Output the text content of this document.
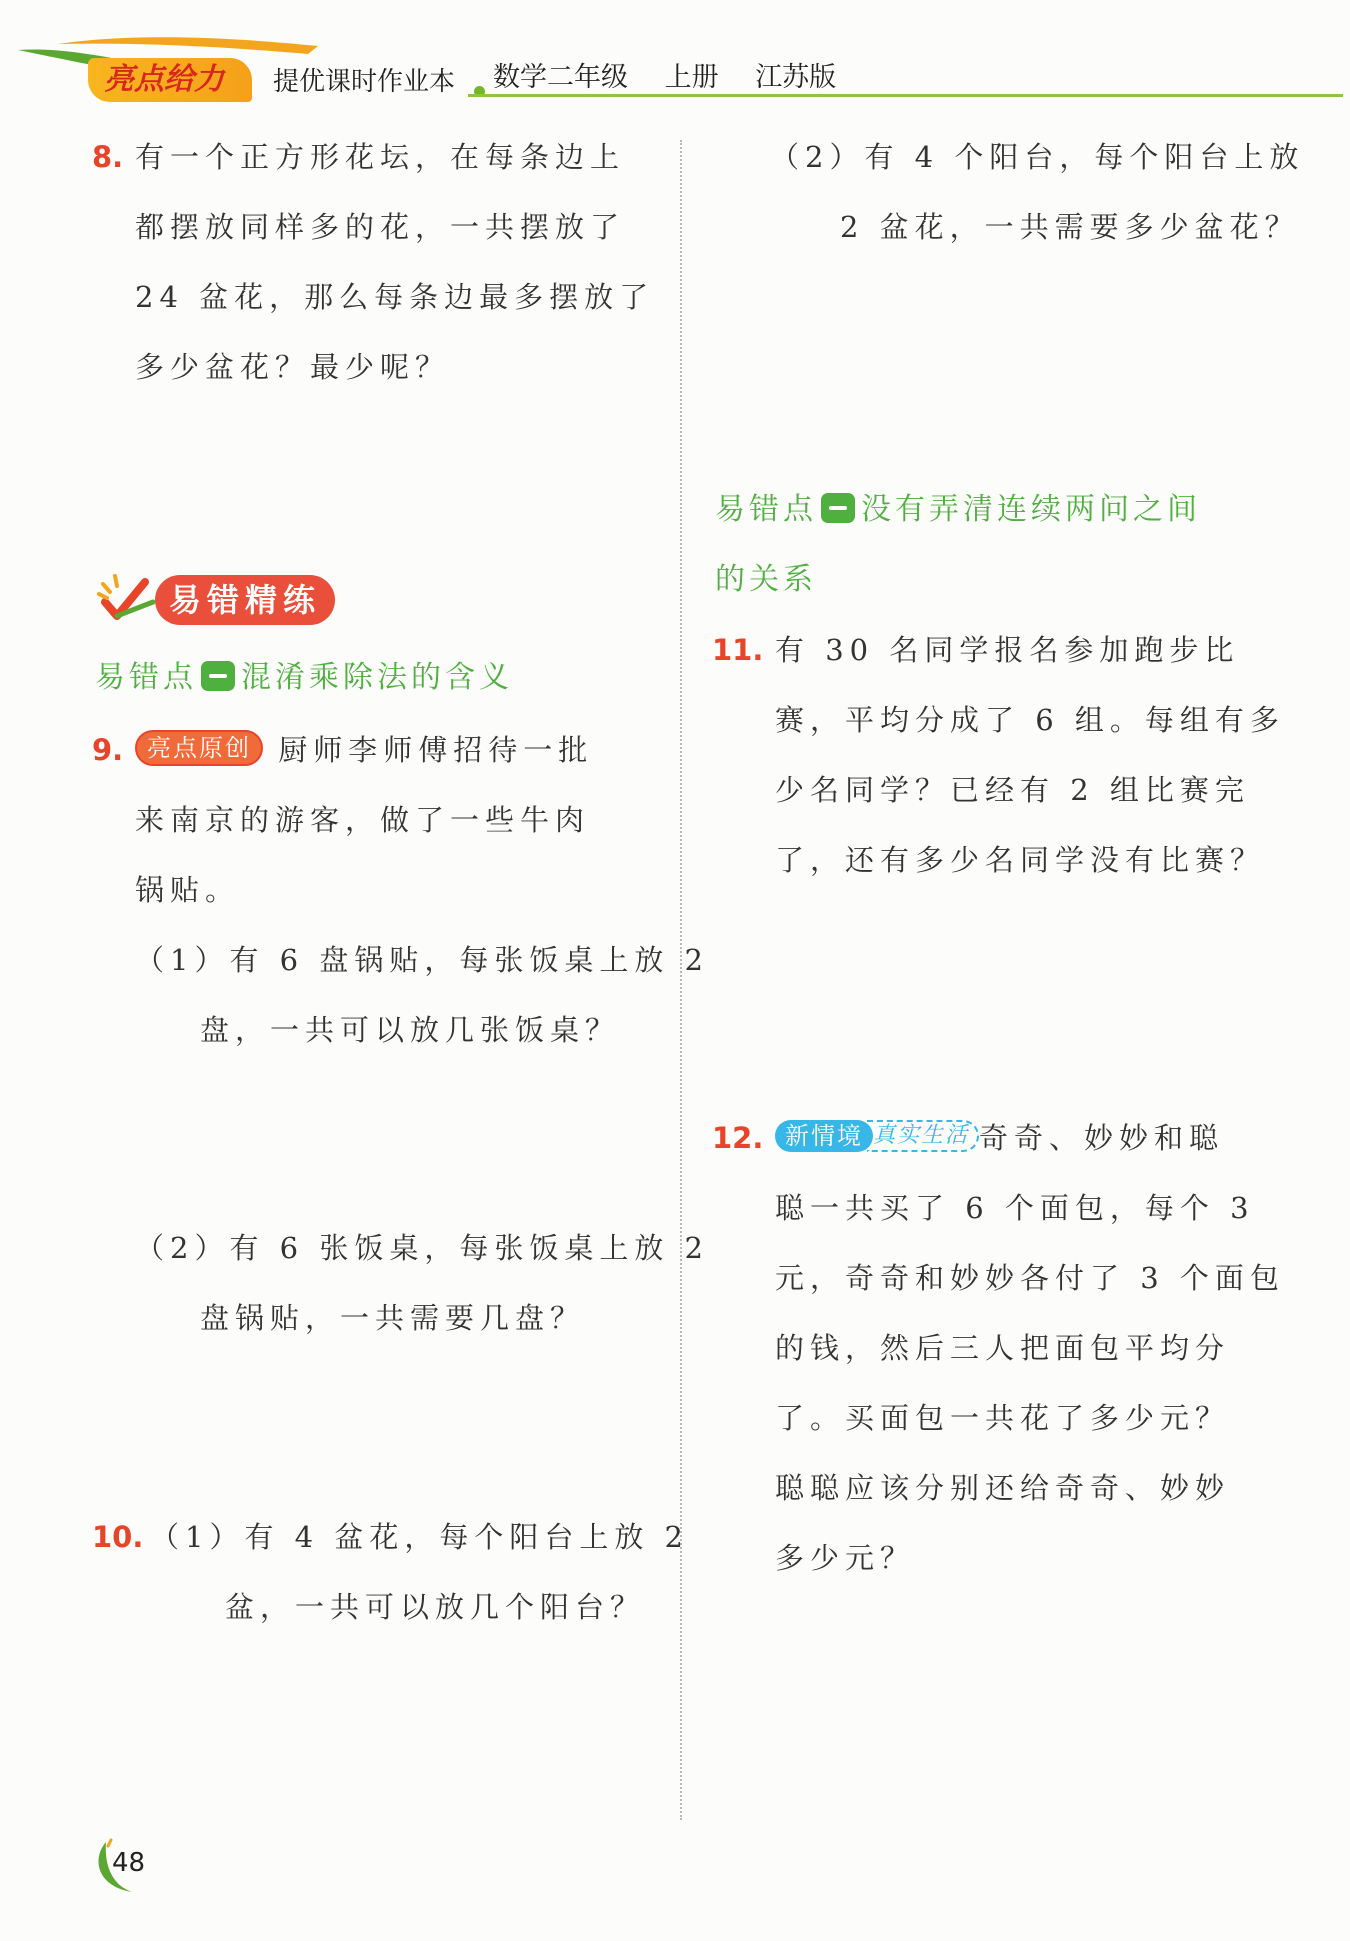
亮点给力	提优课时作业本 数学二年级 上册 江苏版
8. 有一个正方形花坛，在每条边上
都摆放同样多的花，一共摆放了
24 盆花，那么每条边最多摆放了
多少盆花？最少呢？
易错精练
易错点 混淆乘除法的含义
9. 亮点原创 厨师李师傅招待一批
来南京的游客，做了一些牛肉
锅贴。
（1）有 6 盘锅贴，每张饭桌上放 2
盘，一共可以放几张饭桌？
（2）有 6 张饭桌，每张饭桌上放 2
盘锅贴，一共需要几盘？
10. （1）有 4 盆花，每个阳台上放 2
盆，一共可以放几个阳台？
（2）有 4 个阳台，每个阳台上放
2 盆花，一共需要多少盆花？
易错点 没有弄清连续两问之间
的关系
11. 有 30 名同学报名参加跑步比
赛，平均分成了 6 组。每组有多
少名同学？已经有 2 组比赛完
了，还有多少名同学没有比赛？
12. 新情境 真实生活 奇奇、妙妙和聪
聪一共买了 6 个面包，每个 3
元，奇奇和妙妙各付了 3 个面包
的钱，然后三人把面包平均分
了。买面包一共花了多少元？
聪聪应该分别还给奇奇、妙妙
多少元？
48
